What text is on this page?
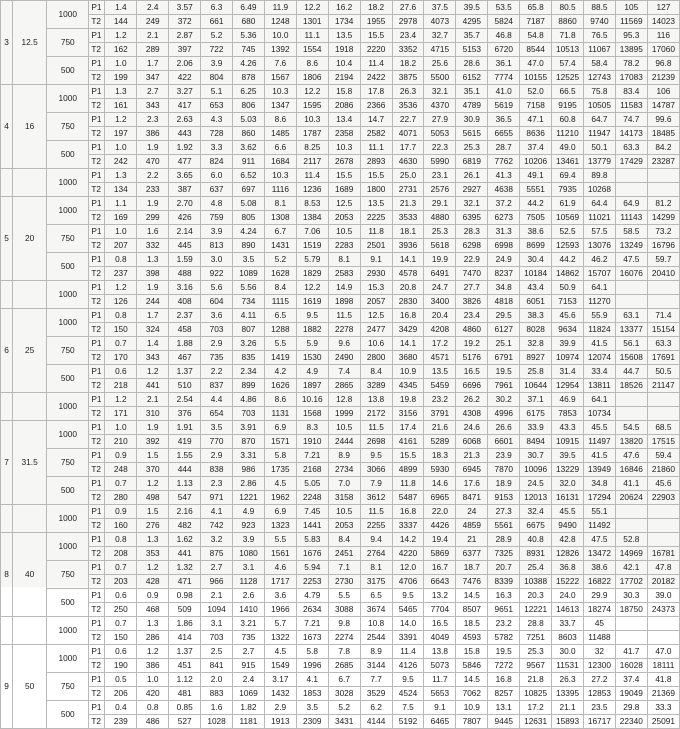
3	12.5	1000	P1	1.4	2.4	3.57	6.3	6.49	11.9	12.2	16.2	18.2	27.6	37.5	39.5	53.5	65.8	80.5	88.5	105	127
			T2	144	249	372	661	680	1248	1301	1734	1955	2978	4073	4295	5824	7187	8860	9740	11569	14023
		750	P1	1.2	2.1	2.87	5.2	5.36	10.0	11.1	13.5	15.5	23.4	32.7	35.7	46.8	54.8	71.8	76.5	95.3	116
			T2	162	289	397	722	745	1392	1554	1918	2220	3352	4715	5153	6720	8544	10513	11067	13895	17060
		500	P1	1.0	1.7	2.06	3.9	4.26	7.6	8.6	10.4	11.4	18.2	25.6	28.6	36.1	47.0	57.4	58.4	78.2	96.8
			T2	199	347	422	804	878	1567	1806	2194	2422	3875	5500	6152	7774	10155	12525	12743	17083	21239
4	16	1000	P1	1.3	2.7	3.27	5.1	6.25	10.3	12.2	15.8	17.8	26.3	32.1	35.1	41.0	52.0	66.5	75.8	83.4	106
			T2	161	343	417	653	806	1347	1595	2086	2366	3536	4370	4789	5619	7158	9195	10505	11583	14787
		750	P1	1.2	2.3	2.63	4.3	5.03	8.6	10.3	13.4	14.7	22.7	27.9	30.9	36.5	47.1	60.8	64.7	74.7	99.6
			T2	197	386	443	728	860	1485	1787	2358	2582	4071	5053	5615	6655	8636	11210	11947	14173	18485
		500	P1	1.0	1.9	1.92	3.3	3.62	6.6	8.25	10.3	11.1	17.7	22.3	25.3	28.7	37.4	49.0	50.1	63.3	84.2
			T2	242	470	477	824	911	1684	2117	2678	2893	4630	5990	6819	7762	10206	13461	13779	17429	23287
		1000	P1	1.3	2.2	3.65	6.0	6.52	10.3	11.4	15.5	15.5	25.0	23.1	26.1	41.3	49.1	69.4	89.8		
			T2	134	233	387	637	697	1116	1236	1689	1800	2731	2576	2927	4638	5551	7935	10268		
5	20	1000	P1	1.1	1.9	2.70	4.8	5.08	8.1	8.53	12.5	13.5	21.3	29.1	32.1	37.2	44.2	61.9	64.4	64.9	81.2
			T2	169	299	426	759	805	1308	1384	2053	2225	3533	4880	6395	6273	7505	10569	11021	11143	14299
		750	P1	1.0	1.6	2.14	3.9	4.24	6.7	7.06	10.5	11.8	18.1	25.3	28.3	31.3	38.6	52.5	57.5	58.5	73.2
			T2	207	332	445	813	890	1431	1519	2283	2501	3936	5618	6298	6998	8699	12593	13076	13249	16796
		500	P1	0.8	1.3	1.59	3.0	3.5	5.2	5.79	8.1	9.1	14.1	19.9	22.9	24.9	30.4	44.2	46.2	47.5	59.7
			T2	237	398	488	922	1089	1628	1829	2583	2930	4578	6491	7470	8237	10184	14862	15707	16076	20410
		1000	P1	1.2	1.9	3.16	5.6	5.56	8.4	12.2	14.9	15.3	20.8	24.7	27.7	34.8	43.4	50.9	64.1		
			T2	126	244	408	604	734	1115	1619	1898	2057	2830	3400	3826	4818	6051	7153	11270		
6	25	1000	P1	0.8	1.7	2.37	3.6	4.11	6.5	9.5	11.5	12.5	16.8	20.4	23.4	29.5	38.3	45.6	55.9	63.1	71.4
			T2	150	324	458	703	807	1288	1882	2278	2477	3429	4208	4860	6127	8028	9634	11824	13377	15154
		750	P1	0.7	1.4	1.88	2.9	3.26	5.5	5.9	9.6	10.6	14.1	17.2	19.2	25.1	32.8	39.9	41.5	56.1	63.3
			T2	170	343	467	735	835	1419	1530	2490	2800	3680	4571	5176	6791	8927	10974	12074	15608	17691
		500	P1	0.6	1.2	1.37	2.2	2.34	4.2	4.9	7.4	8.4	10.9	13.5	16.5	19.5	25.8	31.4	33.4	44.7	50.5
			T2	218	441	510	837	899	1626	1897	2865	3289	4345	5459	6696	7961	10644	12954	13811	18526	21147
		1000	P1	1.2	2.1	2.54	4.4	4.86	8.6	10.16	12.8	13.8	19.8	23.2	26.2	30.2	37.1	46.9	64.1		
			T2	171	310	376	654	703	1131	1568	1999	2172	3156	3791	4308	4996	6175	7853	10734		
7	31.5	1000	P1	1.0	1.9	1.91	3.5	3.91	6.9	8.3	10.5	11.5	17.4	21.6	24.6	26.6	33.9	43.3	45.5	54.5	68.5
			T2	210	392	419	770	870	1571	1910	2444	2698	4161	5289	6068	6601	8494	10915	11497	13820	17515
		750	P1	0.9	1.5	1.55	2.9	3.31	5.8	7.21	8.9	9.5	15.5	18.3	21.3	23.9	30.7	39.5	41.5	47.6	59.4
			T2	248	370	444	838	986	1735	2168	2734	3066	4899	5930	6945	7870	10096	13229	13949	16846	21860
		500	P1	0.7	1.2	1.13	2.3	2.86	4.5	5.05	7.0	7.9	11.8	14.6	17.6	18.9	24.5	32.0	34.8	41.1	45.6
			T2	280	498	547	971	1221	1962	2248	3158	3612	5487	6965	8471	9153	12013	16131	17294	20624	22903
		1000	P1	0.9	1.5	2.16	4.1	4.9	6.9	7.45	10.5	11.5	16.8	22.0	24	27.3	32.4	45.5	55.1		
			T2	160	276	482	742	923	1323	1441	2053	2255	3337	4426	4859	5561	6675	9490	11492		
8	40	1000	P1	0.8	1.3	1.62	3.2	3.9	5.5	5.83	8.4	9.4	14.2	19.4	21	28.9	40.8	42.8	47.5	52.8	
			T2	208	353	441	875	1080	1561	1676	2451	2764	4220	5869	6377	7325	8931	12826	13472	14969	16781
		750	P1	0.7	1.2	1.32	2.7	3.1	4.6	5.94	7.1	8.1	12.0	16.7	18.7	20.7	25.4	36.8	38.6	42.1	47.8
			T2	203	428	471	966	1128	1717	2253	2730	3175	4706	6643	7476	8339	10388	15222	16822	17702	20182
		500	P1	0.6	0.9	0.98	2.1	2.6	3.6	4.79	5.5	6.5	9.5	13.2	14.5	16.3	20.3	24.0	29.9	30.3	39.0
			T2	250	468	509	1094	1410	1966	2634	3088	3674	5465	7704	8507	9651	12221	14613	18274	18750	24373
		1000	P1	0.7	1.3	1.86	3.1	3.21	5.7	7.21	9.8	10.8	14.0	16.5	18.5	23.2	28.8	33.7	45		
			T2	150	286	414	703	735	1322	1673	2274	2544	3391	4049	4593	5782	7251	8603	11488		
9	50	1000	P1	0.6	1.2	1.37	2.5	2.7	4.5	5.8	7.8	8.9	11.4	13.8	15.8	19.5	25.3	30.0	32	41.7	47.0
			T2	190	386	451	841	915	1549	1996	2685	3144	4126	5073	5846	7272	9567	11531	12300	16028	18111
		750	P1	0.5	1.0	1.12	2.0	2.4	3.17	4.1	6.7	7.7	9.5	11.7	14.5	16.8	21.8	26.3	27.2	37.4	41.8
			T2	206	420	481	883	1069	1432	1853	3028	3529	4524	5653	7062	8257	10825	13395	12853	19049	21369
		500	P1	0.4	0.8	0.85	1.6	1.82	2.9	3.5	5.2	6.2	7.5	9.1	10.9	13.1	17.2	21.1	23.5	29.8	33.3
			T2	239	486	527	1028	1181	1913	2309	3431	4144	5192	6465	7807	9445	12631	15893	16717	22340	25091
